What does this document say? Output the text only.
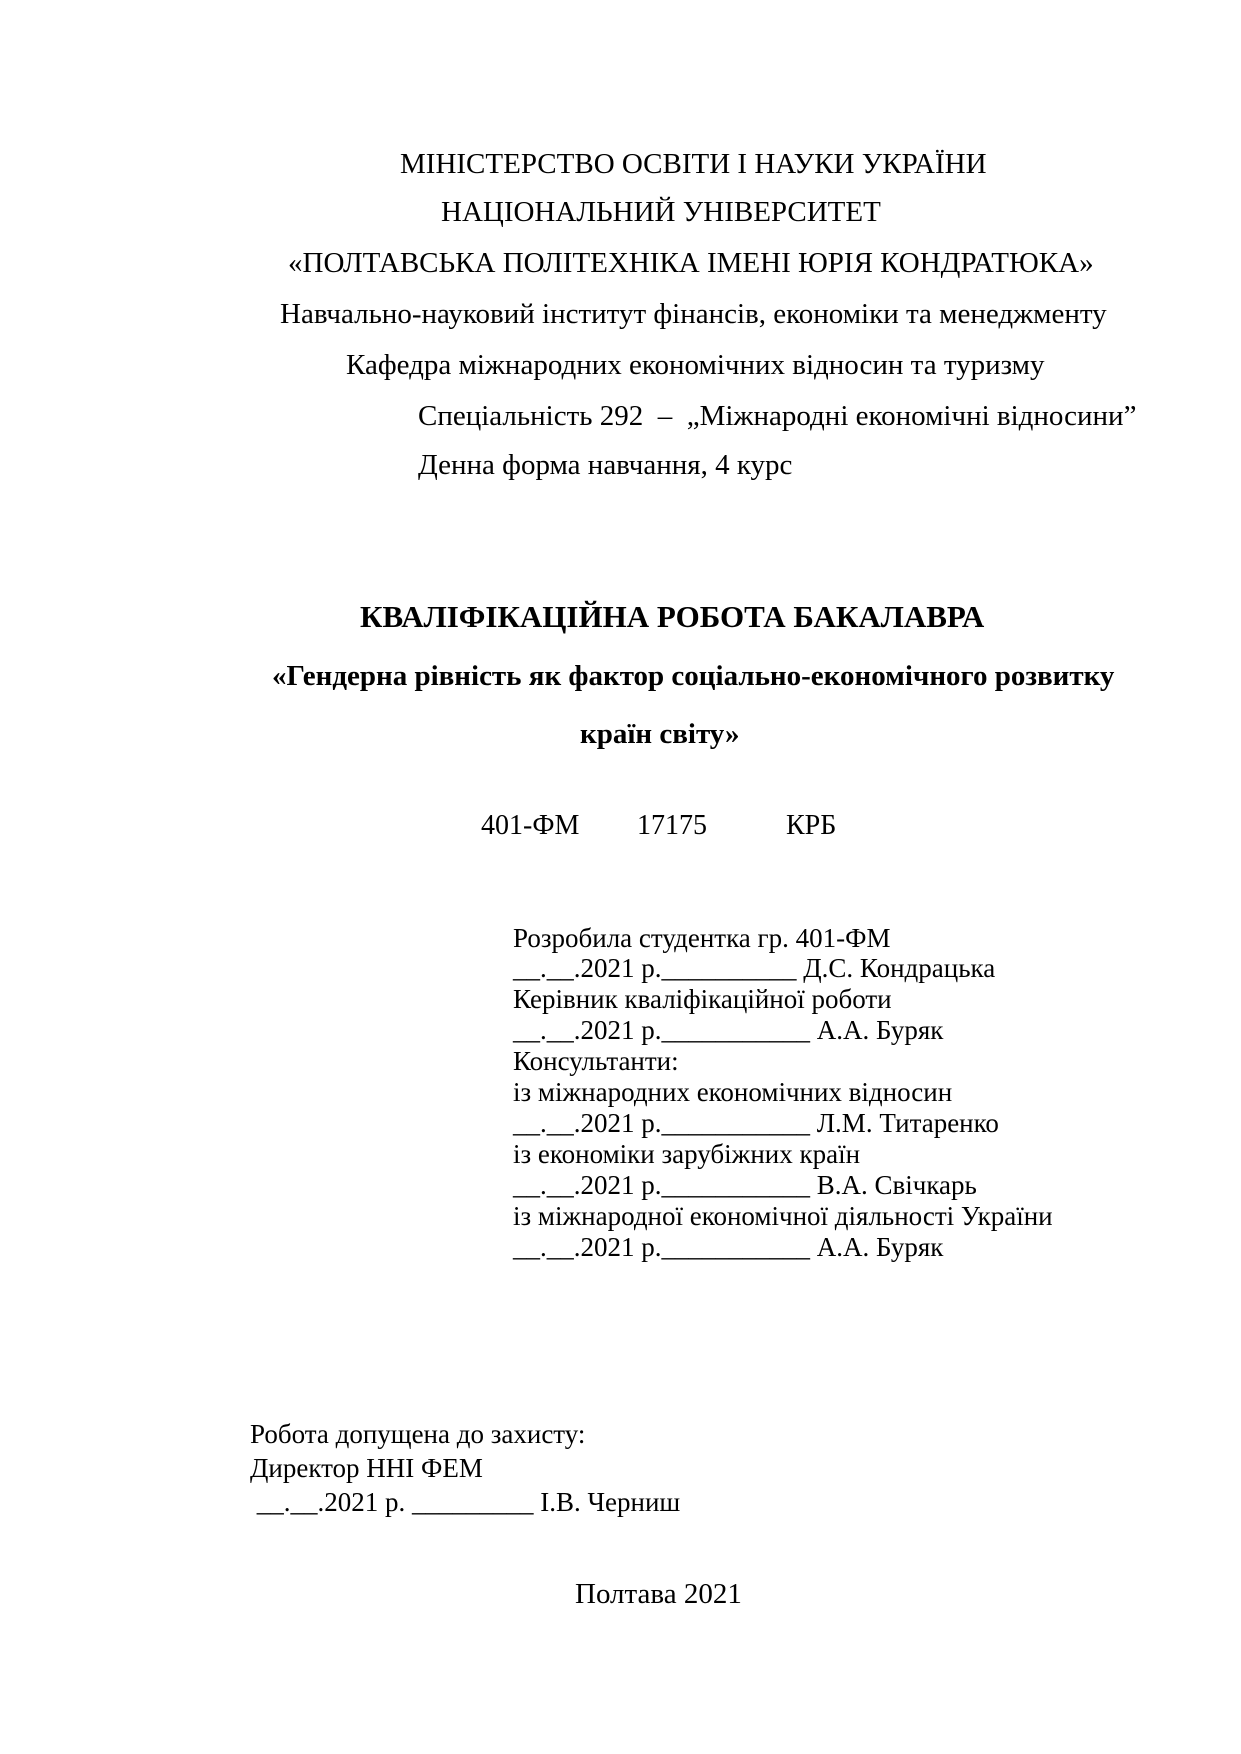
МІНІСТЕРСТВО ОСВІТИ І НАУКИ УКРАЇНИ
НАЦІОНАЛЬНИЙ УНІВЕРСИТЕТ
«ПОЛТАВСЬКА ПОЛІТЕХНІКА ІМЕНІ ЮРІЯ КОНДРАТЮКА»
Навчально-науковий інститут фінансів, економіки та менеджменту
Кафедра міжнародних економічних відносин та туризму
Спеціальність 292  –  „Міжнародні економічні відносини”
Денна форма навчання, 4 курс
КВАЛІФІКАЦІЙНА РОБОТА БАКАЛАВРА
«Гендерна рівність як фактор соціально-економічного розвитку
країн світу»
401-ФМ 17175	КРБ
Розробила студентка гр. 401-ФМ
__.__.2021 р.__________ Д.С. Кондрацька
Керівник кваліфікаційної роботи
__.__.2021 р.___________ А.А. Буряк
Консультанти:
із міжнародних економічних відносин
__.__.2021 р.___________ Л.М. Титаренко
із економіки зарубіжних країн
__.__.2021 р.___________ В.А. Свічкарь
із міжнародної економічної діяльності України
__.__.2021 р.___________ А.А. Буряк
Робота допущена до захисту:
Директор ННІ ФЕМ
__.__.2021 р. _________ І.В. Черниш
Полтава 2021
